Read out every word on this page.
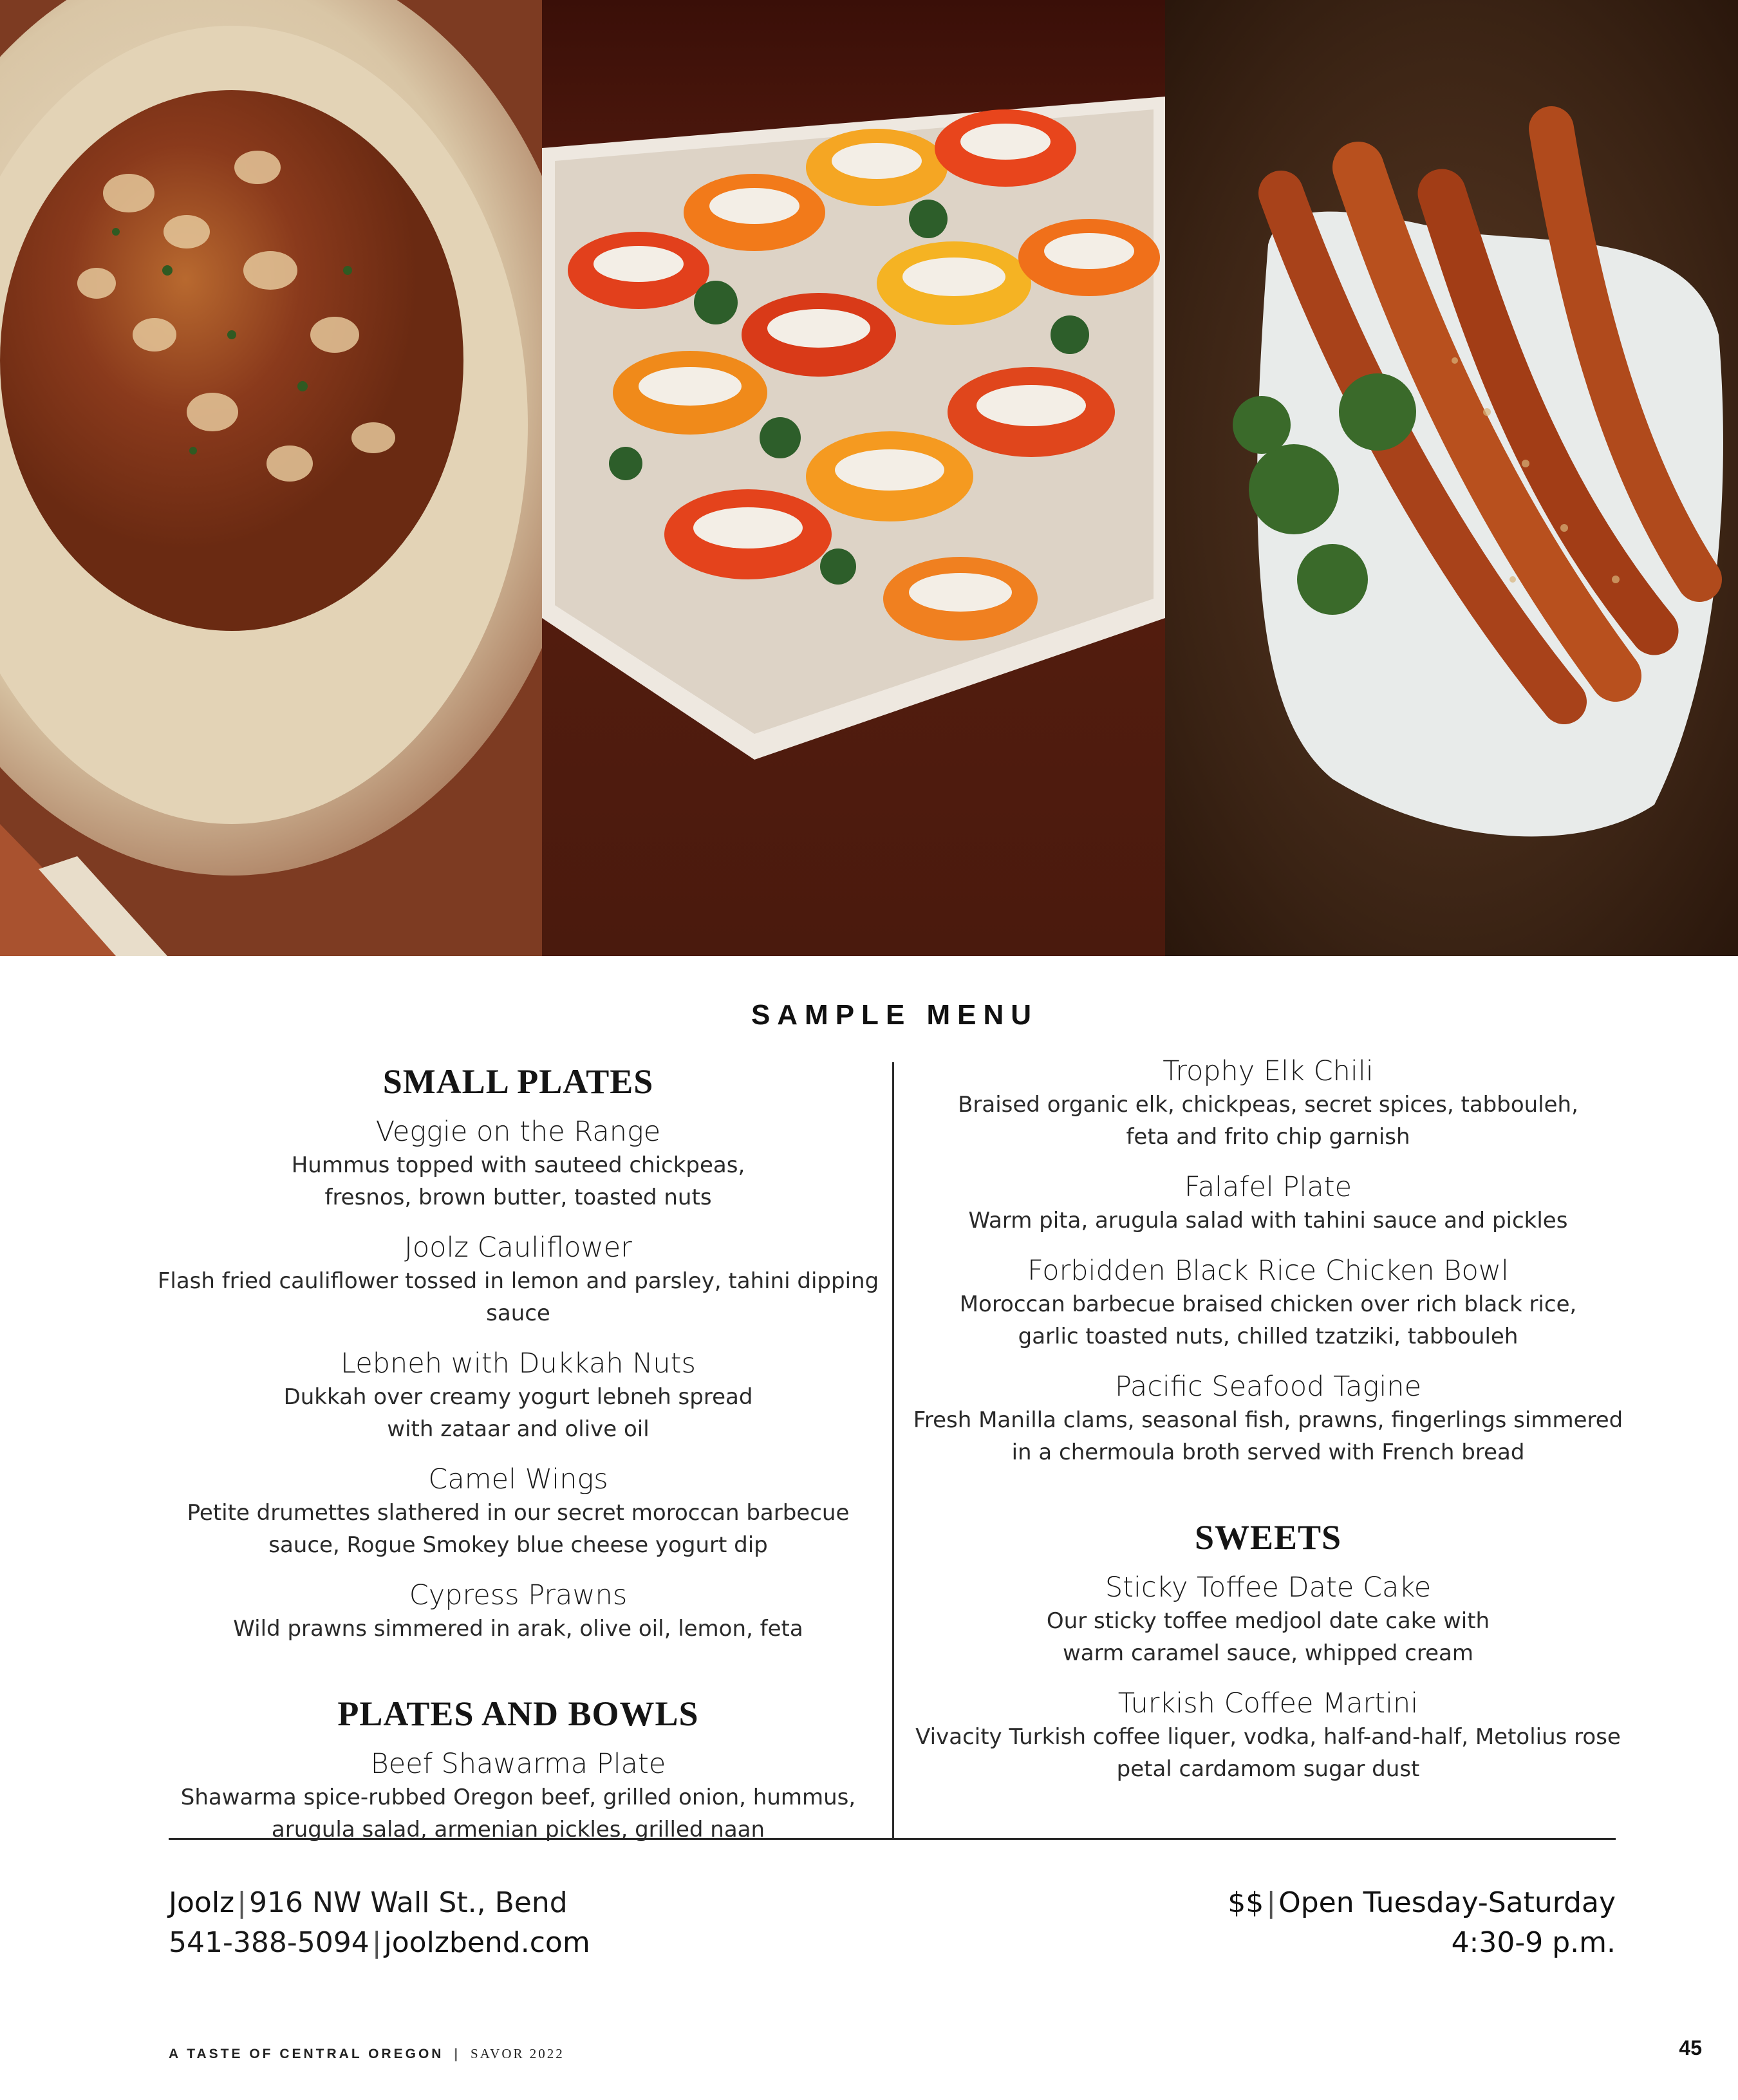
SAMPLE MENU
SMALL PLATES
Veggie on the Range
Hummus topped with sauteed chickpeas,
fresnos, brown butter, toasted nuts
Joolz Cauliflower
Flash fried cauliflower tossed in lemon and parsley, tahini dipping sauce
Lebneh with Dukkah Nuts
Dukkah over creamy yogurt lebneh spread
with zataar and olive oil
Camel Wings
Petite drumettes slathered in our secret moroccan barbecue
sauce, Rogue Smokey blue cheese yogurt dip
Cypress Prawns
Wild prawns simmered in arak, olive oil, lemon, feta
PLATES AND BOWLS
Beef Shawarma Plate
Shawarma spice-rubbed Oregon beef, grilled onion, hummus,
arugula salad, armenian pickles, grilled naan
Trophy Elk Chili
Braised organic elk, chickpeas, secret spices, tabbouleh,
feta and frito chip garnish
Falafel Plate
Warm pita, arugula salad with tahini sauce and pickles
Forbidden Black Rice Chicken Bowl
Moroccan barbecue braised chicken over rich black rice,
garlic toasted nuts, chilled tzatziki, tabbouleh
Pacific Seafood Tagine
Fresh Manilla clams, seasonal fish, prawns, fingerlings simmered
in a chermoula broth served with French bread
SWEETS
Sticky Toffee Date Cake
Our sticky toffee medjool date cake with
warm caramel sauce, whipped cream
Turkish Coffee Martini
Vivacity Turkish coffee liquer, vodka, half-and-half, Metolius rose
petal cardamom sugar dust
Joolz|916 NW Wall St., Bend
541-388-5094|joolzbend.com
$$|Open Tuesday-Saturday
4:30-9 p.m.
A TASTE OF CENTRAL OREGON | SAVOR 2022	45
